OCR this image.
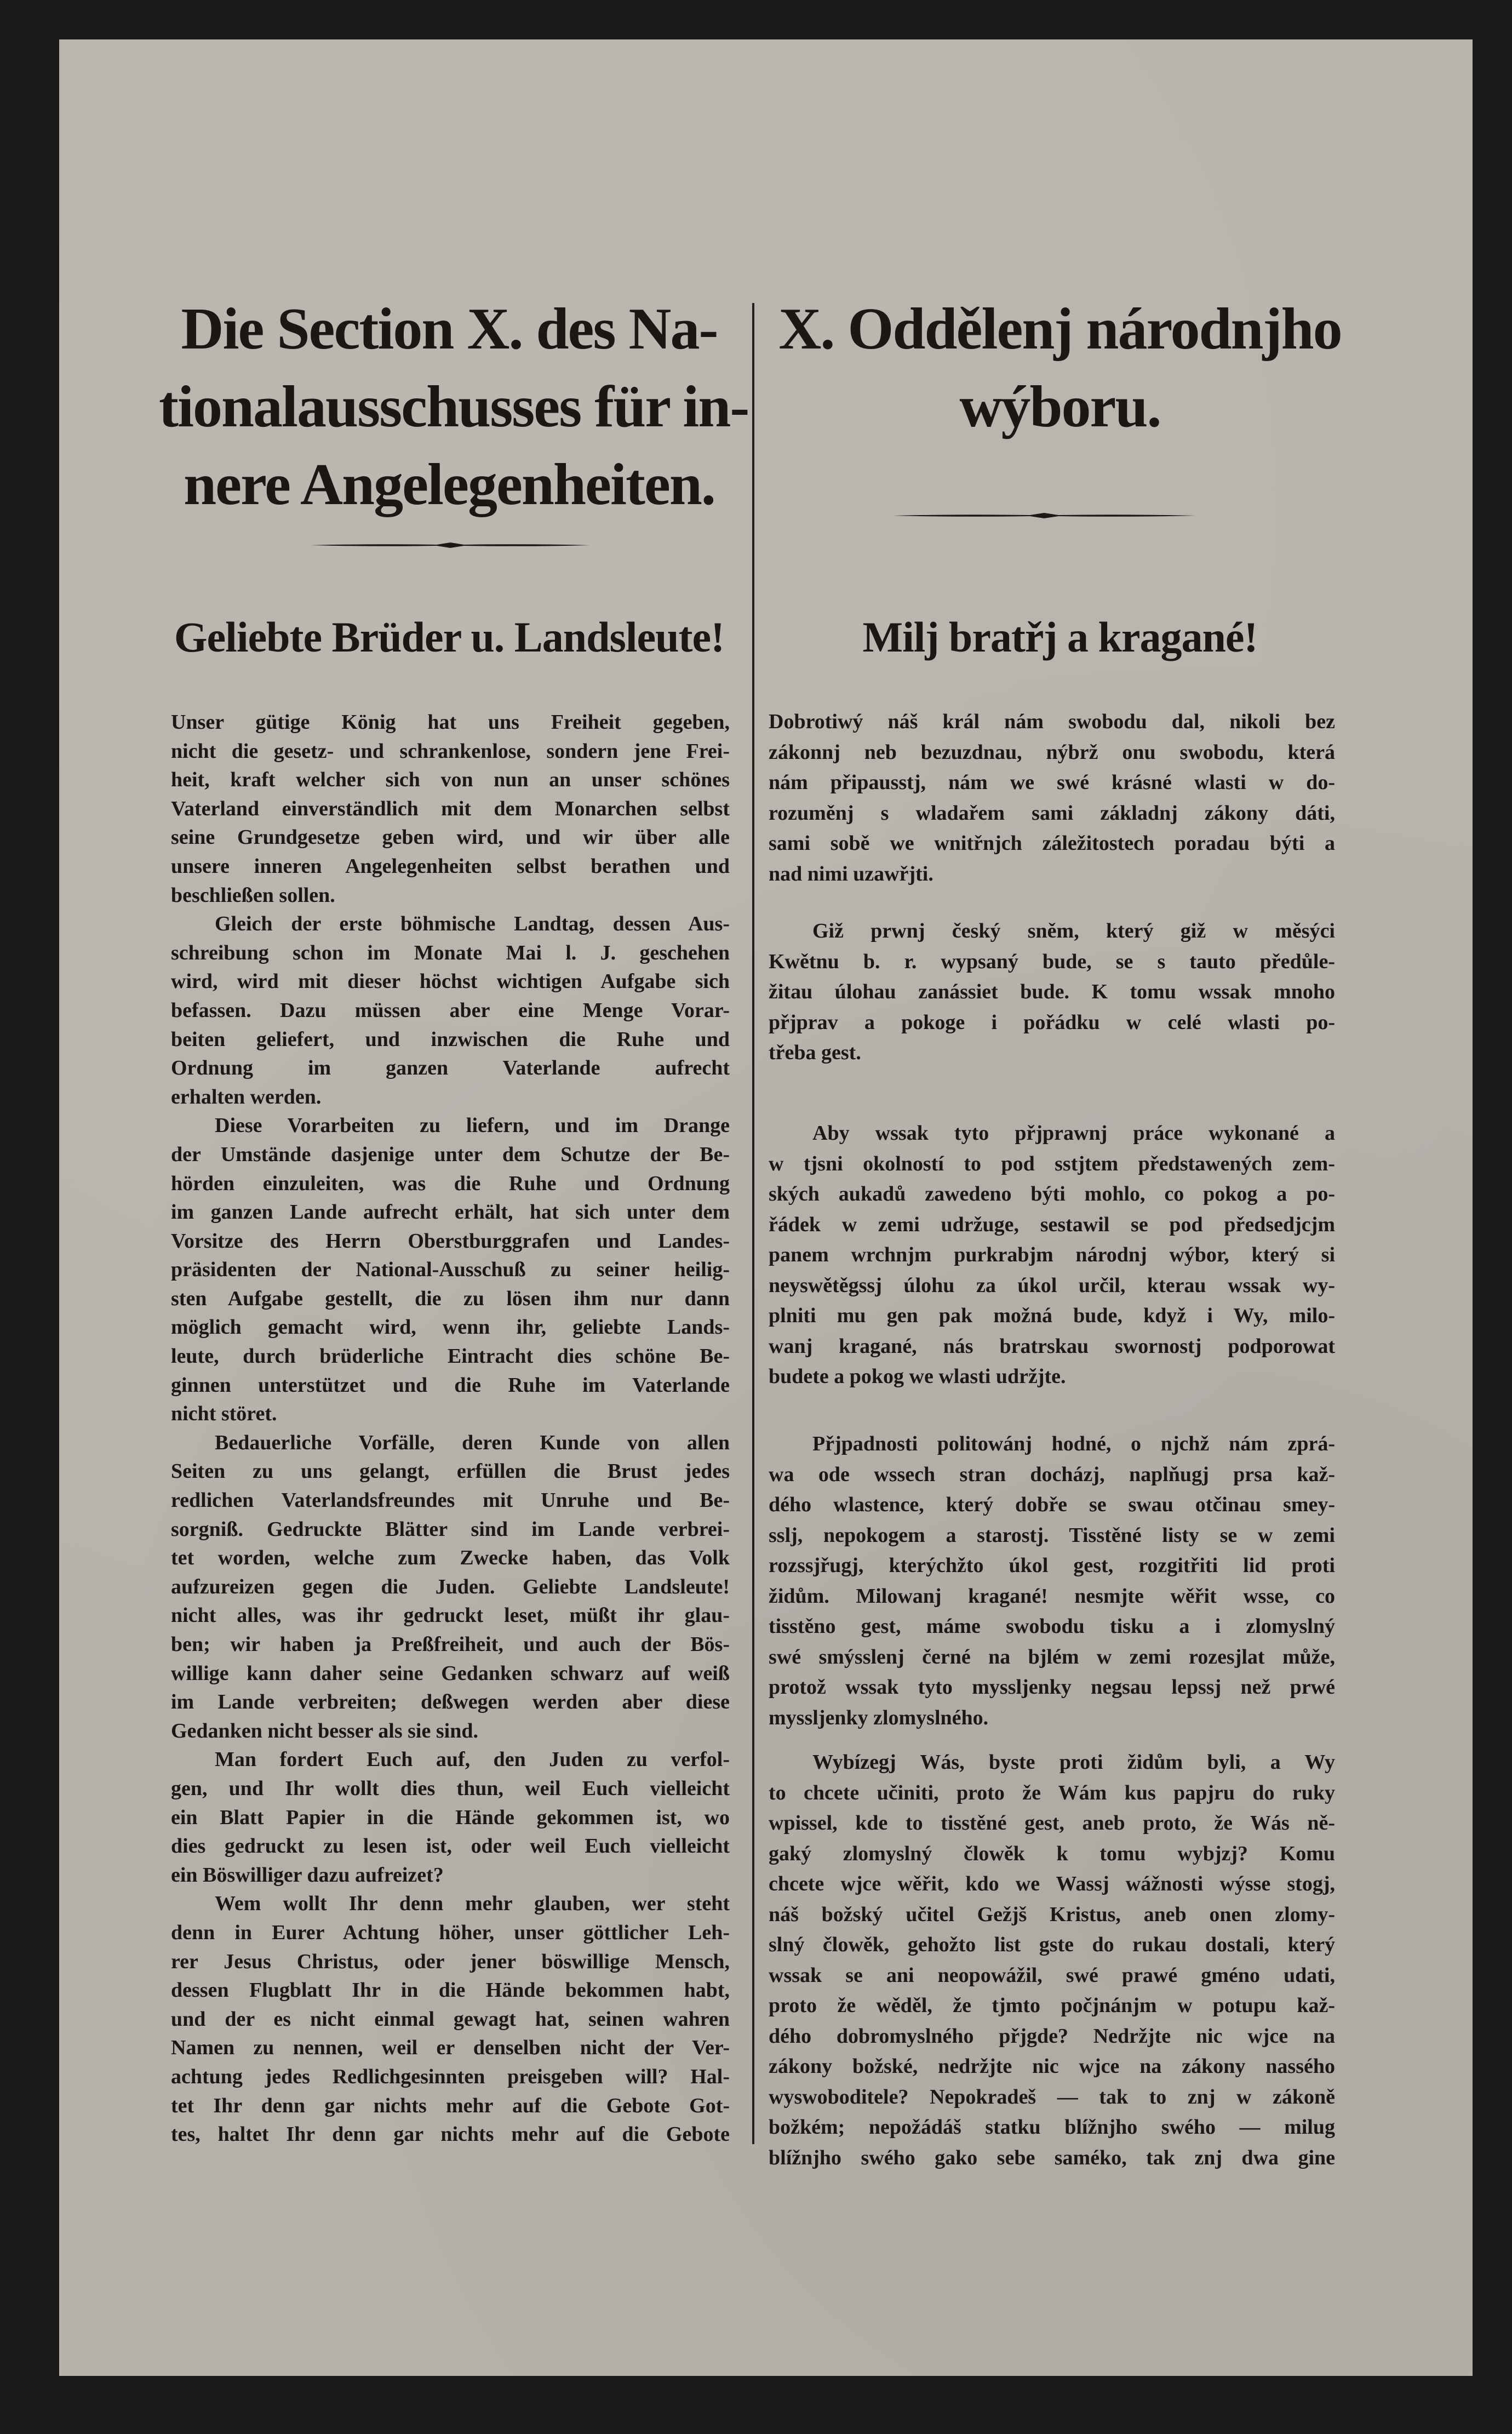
Die Section X. des Na-
tionalausschusses für in-
nere Angelegenheiten.
X. Oddělenj národnjho
wýboru.
Geliebte Brüder u. Landsleute!	Milj bratřj a kragané!
Unser gütige König hat uns Freiheit gegeben,
nicht die gesetz- und schrankenlose, sondern jene Frei-
heit, kraft welcher sich von nun an unser schönes
Vaterland einverständlich mit dem Monarchen selbst
seine Grundgesetze geben wird, und wir über alle
unsere inneren Angelegenheiten selbst berathen und
beschließen sollen.
Gleich der erste böhmische Landtag, dessen Aus-
schreibung schon im Monate Mai l. J. geschehen
wird, wird mit dieser höchst wichtigen Aufgabe sich
befassen. Dazu müssen aber eine Menge Vorar-
beiten geliefert, und inzwischen die Ruhe und
Ordnung im ganzen Vaterlande aufrecht
erhalten werden.
Diese Vorarbeiten zu liefern, und im Drange
der Umstände dasjenige unter dem Schutze der Be-
hörden einzuleiten, was die Ruhe und Ordnung
im ganzen Lande aufrecht erhält, hat sich unter dem
Vorsitze des Herrn Oberstburggrafen und Landes-
präsidenten der National-Ausschuß zu seiner heilig-
sten Aufgabe gestellt, die zu lösen ihm nur dann
möglich gemacht wird, wenn ihr, geliebte Lands-
leute, durch brüderliche Eintracht dies schöne Be-
ginnen unterstützet und die Ruhe im Vaterlande
nicht störet.
Bedauerliche Vorfälle, deren Kunde von allen
Seiten zu uns gelangt, erfüllen die Brust jedes
redlichen Vaterlandsfreundes mit Unruhe und Be-
sorgniß. Gedruckte Blätter sind im Lande verbrei-
tet worden, welche zum Zwecke haben, das Volk
aufzureizen gegen die Juden. Geliebte Landsleute!
nicht alles, was ihr gedruckt leset, müßt ihr glau-
ben; wir haben ja Preßfreiheit, und auch der Bös-
willige kann daher seine Gedanken schwarz auf weiß
im Lande verbreiten; deßwegen werden aber diese
Gedanken nicht besser als sie sind.
Man fordert Euch auf, den Juden zu verfol-
gen, und Ihr wollt dies thun, weil Euch vielleicht
ein Blatt Papier in die Hände gekommen ist, wo
dies gedruckt zu lesen ist, oder weil Euch vielleicht
ein Böswilliger dazu aufreizet?
Wem wollt Ihr denn mehr glauben, wer steht
denn in Eurer Achtung höher, unser göttlicher Leh-
rer Jesus Christus, oder jener böswillige Mensch,
dessen Flugblatt Ihr in die Hände bekommen habt,
und der es nicht einmal gewagt hat, seinen wahren
Namen zu nennen, weil er denselben nicht der Ver-
achtung jedes Redlichgesinnten preisgeben will? Hal-
tet Ihr denn gar nichts mehr auf die Gebote Got-
tes, haltet Ihr denn gar nichts mehr auf die Gebote
Dobrotiwý náš král nám swobodu dal, nikoli bez
zákonnj neb bezuzdnau, nýbrž onu swobodu, která
nám připausstj, nám we swé krásné wlasti w do-
rozuměnj s wladařem sami základnj zákony dáti,
sami sobě we wnitřnjch záležitostech poradau býti a
nad nimi uzawřjti.
Giž prwnj český sněm, který giž w měsýci
Kwětnu b. r. wypsaný bude, se s tauto předůle-
žitau úlohau zanássiet bude. K tomu wssak mnoho
přjprav a pokoge i pořádku w celé wlasti po-
třeba gest.
Aby wssak tyto přjprawnj práce wykonané a
w tjsni okolností to pod sstjtem předstawených zem-
ských aukadů zawedeno býti mohlo, co pokog a po-
řádek w zemi udržuge, sestawil se pod předsedjcjm
panem wrchnjm purkrabjm národnj wýbor, který si
neyswětěgssj úlohu za úkol určil, kterau wssak wy-
plniti mu gen pak možná bude, když i Wy, milo-
wanj kragané, nás bratrskau swornostj podporowat
budete a pokog we wlasti udržjte.
Přjpadnosti politowánj hodné, o njchž nám zprá-
wa ode wssech stran docházj, naplňugj prsa kaž-
dého wlastence, který dobře se swau otčinau smey-
sslj, nepokogem a starostj. Tisstěné listy se w zemi
rozssjřugj, kterýchžto úkol gest, rozgitřiti lid proti
židům. Milowanj kragané! nesmjte wěřit wsse, co
tisstěno gest, máme swobodu tisku a i zlomyslný
swé smýsslenj černé na bjlém w zemi rozesjlat může,
protož wssak tyto myssljenky negsau lepssj než prwé
myssljenky zlomyslného.
Wybízegj Wás, byste proti židům byli, a Wy
to chcete učiniti, proto že Wám kus papjru do ruky
wpissel, kde to tisstěné gest, aneb proto, že Wás ně-
gaký zlomyslný člowěk k tomu wybjzj? Komu
chcete wjce wěřit, kdo we Wassj wážnosti wýsse stogj,
náš božský učitel Gežjš Kristus, aneb onen zlomy-
slný člowěk, gehožto list gste do rukau dostali, který
wssak se ani neopowážil, swé prawé gméno udati,
proto že wěděl, že tjmto počjnánjm w potupu kaž-
dého dobromyslného přjgde? Nedržjte nic wjce na
zákony božské, nedržjte nic wjce na zákony nassého
wyswoboditele? Nepokradeš — tak to znj w zákoně
božkém; nepožádáš statku blížnjho swého — milug
blížnjho swého gako sebe saméko, tak znj dwa gine
